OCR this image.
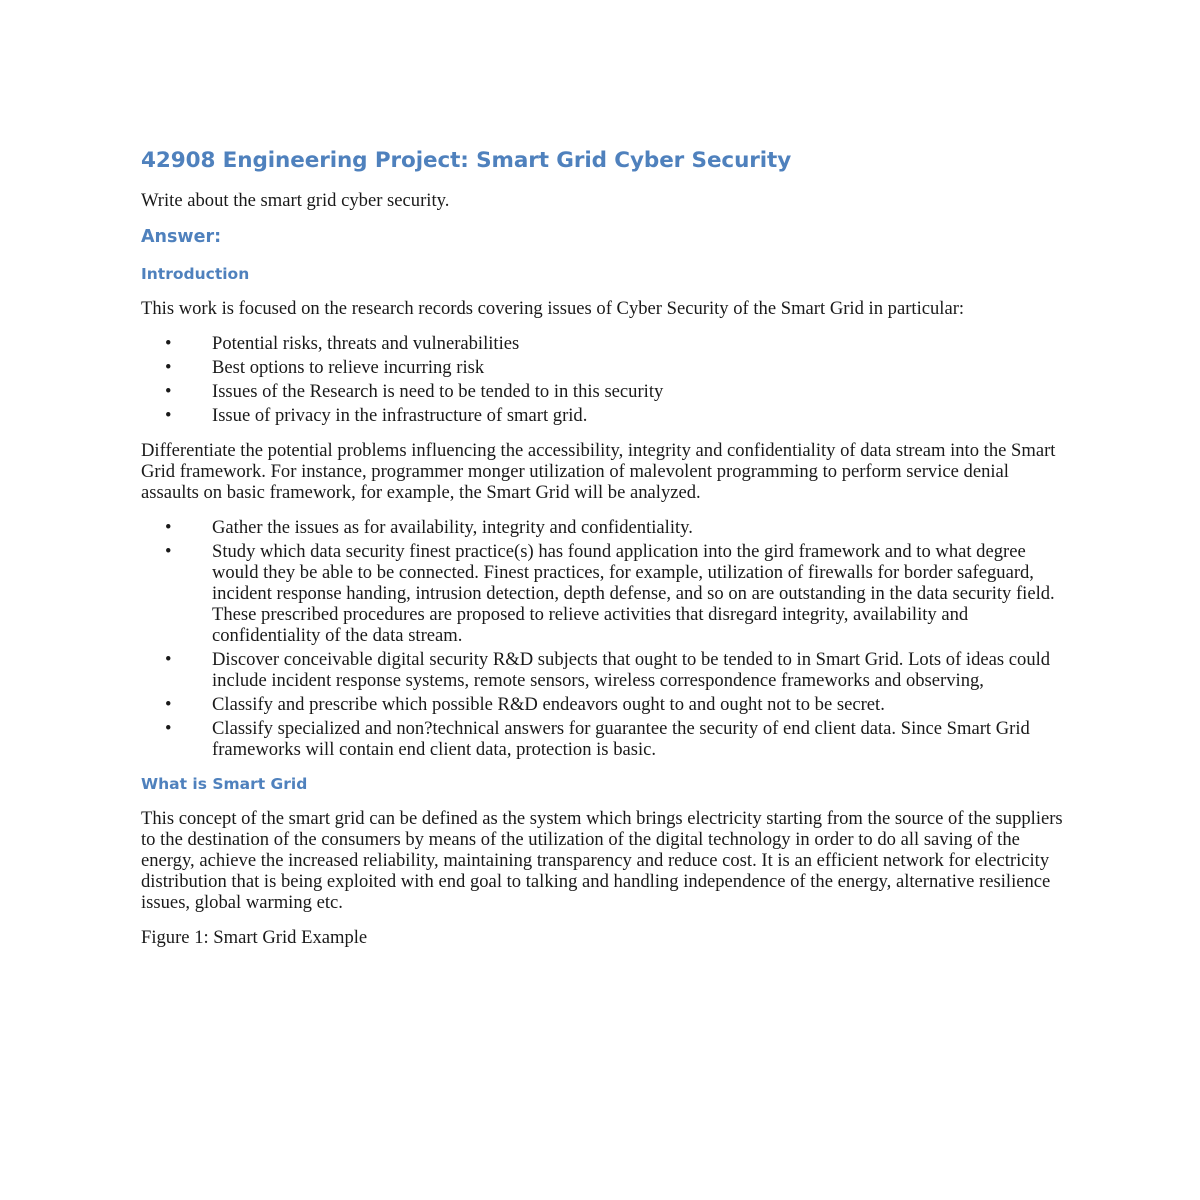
42908 Engineering Project: Smart Grid Cyber Security

Write about the smart grid cyber security.

Answer:
Introduction

This work is focused on the research records covering issues of Cyber Security of the Smart Grid in particular:

•	Potential risks, threats and vulnerabilities
•	Best options to relieve incurring risk
•	Issues of the Research is need to be tended to in this security
•	Issue of privacy in the infrastructure of smart grid.

Differentiate the potential problems influencing the accessibility, integrity and confidentiality of data stream into the Smart Grid framework. For instance, programmer monger utilization of malevolent programming to perform service denial assaults on basic framework, for example, the Smart Grid will be analyzed.

•	Gather the issues as for availability, integrity and confidentiality.
•	Study which data security finest practice(s) has found application into the gird framework and to what degree would they be able to be connected. Finest practices, for example, utilization of firewalls for border safeguard, incident response handing, intrusion detection, depth defense, and so on are outstanding in the data security field. These prescribed procedures are proposed to relieve activities that disregard integrity, availability and confidentiality of the data stream.
•	Discover conceivable digital security R&D subjects that ought to be tended to in Smart Grid. Lots of ideas could include incident response systems, remote sensors, wireless correspondence frameworks and observing,
•	Classify and prescribe which possible R&D endeavors ought to and ought not to be secret.
•	Classify specialized and non?technical answers for guarantee the security of end client data. Since Smart Grid frameworks will contain end client data, protection is basic.
What is Smart Grid

This concept of the smart grid can be defined as the system which brings electricity starting from the source of the suppliers to the destination of the consumers by means of the utilization of the digital technology in order to do all saving of the energy, achieve the increased reliability, maintaining transparency and reduce cost. It is an efficient network for electricity distribution that is being exploited with end goal to talking and handling independence of the energy, alternative resilience issues, global warming etc.

Figure 1: Smart Grid Example
